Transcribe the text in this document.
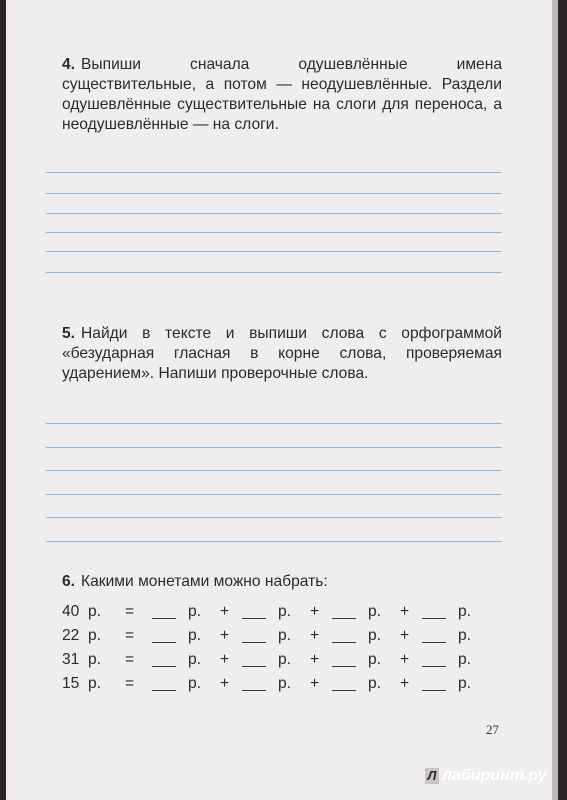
4. Выпиши сначала одушевлённые имена существительные, а потом — неодушевлённые. Раздели одушевлённые существительные на слоги для переноса, а неодушевлённые — на слоги.
5. Найди в тексте и выпиши слова с орфограммой «безударная гласная в корне слова, проверяемая ударением». Напиши проверочные слова.
6. Какими монетами можно набрать:
40 р. =	р. +	р. +	р. +	р.
22 р. =	р. +	р. +	р. +	р.
31 р. =	р. +	р. +	р. +	р.
15 р. =	р. +	р. +	р. +	р.
27
Л лабиринт.ру
